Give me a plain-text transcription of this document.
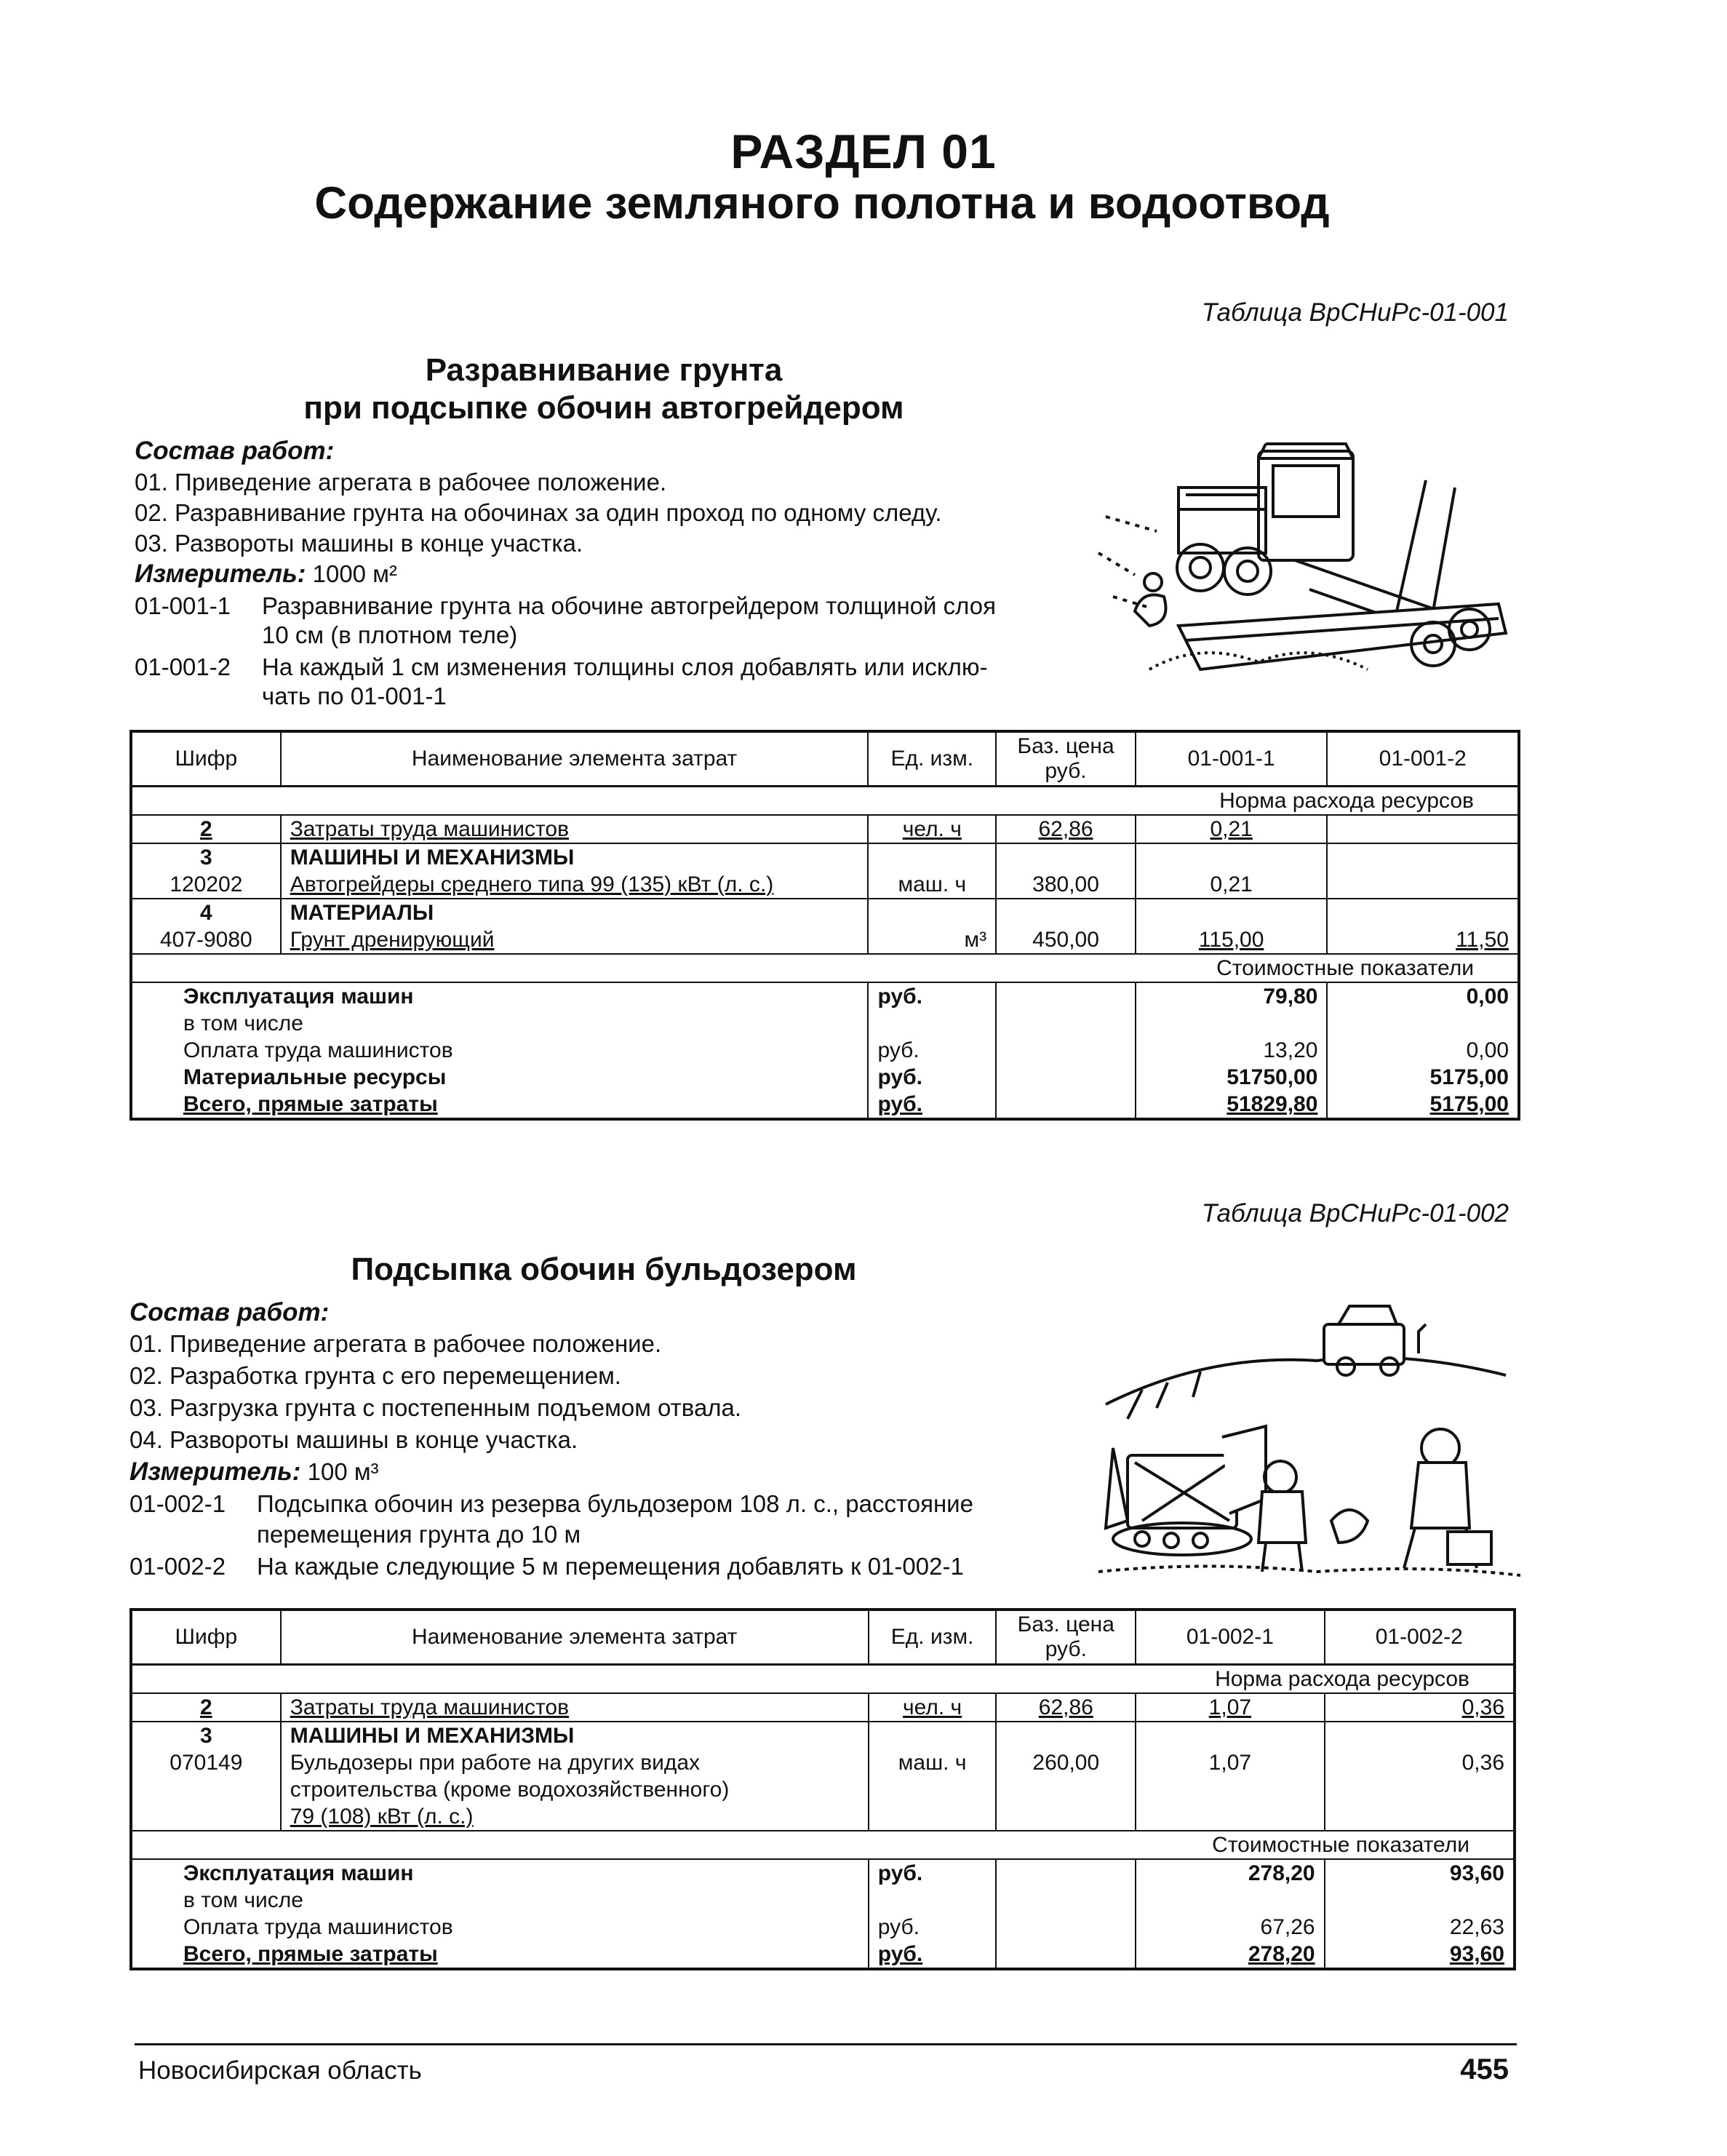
РАЗДЕЛ 01
Содержание земляного полотна и водоотвод
Таблица ВрСНиРс-01-001
Разравнивание грунта
при подсыпке обочин автогрейдером
Состав работ:
01. Приведение агрегата в рабочее положение.
02. Разравнивание грунта на обочинах за один проход по одному следу.
03. Развороты машины в конце участка.
Измеритель: 1000 м²
01-001-1 Разравнивание грунта на обочине автогрейдером толщиной слоя
10 см (в плотном теле)
01-001-2 На каждый 1 см изменения толщины слоя добавлять или исклю-
чать по 01-001-1
Шифр	Наименование элемента затрат	Ед. изм.	Баз. цена руб.	01-001-1	01-001-2
Норма расхода ресурсов					
2	Затраты труда машинистов	чел. ч	62,86	0,21	
3	МАШИНЫ И МЕХАНИЗМЫ				
120202	Автогрейдеры среднего типа 99 (135) кВт (л. с.)	маш. ч	380,00	0,21	
4	МАТЕРИАЛЫ				
407-9080	Грунт дренирующий	м³	450,00	115,00	11,50
Стоимостные показатели					
Эксплуатация машин		руб.		79,80	0,00
в том числе					
Оплата труда машинистов		руб.		13,20	0,00
Материальные ресурсы		руб.		51750,00	5175,00
Всего, прямые затраты		руб.		51829,80	5175,00
Таблица ВрСНиРс-01-002
Подсыпка обочин бульдозером
Состав работ:
01. Приведение агрегата в рабочее положение.
02. Разработка грунта с его перемещением.
03. Разгрузка грунта с постепенным подъемом отвала.
04. Развороты машины в конце участка.
Измеритель: 100 м³
01-002-1 Подсыпка обочин из резерва бульдозером 108 л. с., расстояние
перемещения грунта до 10 м
01-002-2 На каждые следующие 5 м перемещения добавлять к 01-002-1
Шифр	Наименование элемента затрат	Ед. изм.	Баз. цена руб.	01-002-1	01-002-2
Норма расхода ресурсов					
2	Затраты труда машинистов	чел. ч	62,86	1,07	0,36
3	МАШИНЫ И МЕХАНИЗМЫ				
070149	Бульдозеры при работе на других видах	маш. ч	260,00	1,07	0,36
	строительства (кроме водохозяйственного)				
	79 (108) кВт (л. с.)				
Стоимостные показатели					
Эксплуатация машин		руб.		278,20	93,60
в том числе					
Оплата труда машинистов		руб.		67,26	22,63
Всего, прямые затраты		руб.		278,20	93,60
Новосибирская область	455
